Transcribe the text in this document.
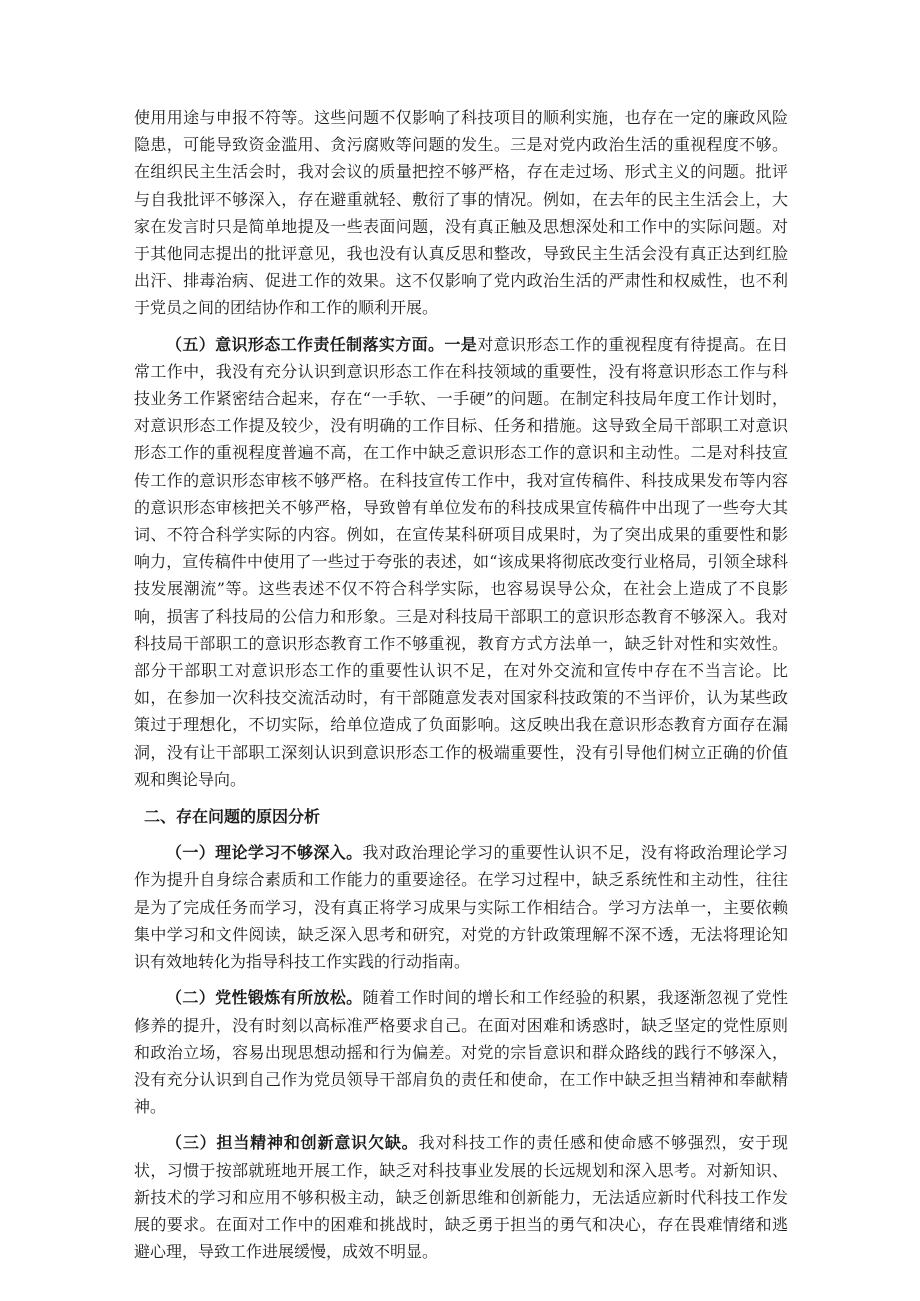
使用用途与申报不符等。这些问题不仅影响了科技项目的顺利实施，也存在一定的廉政风险隐患，可能导致资金滥用、贪污腐败等问题的发生。三是对党内政治生活的重视程度不够。在组织民主生活会时，我对会议的质量把控不够严格，存在走过场、形式主义的问题。批评与自我批评不够深入，存在避重就轻、敷衍了事的情况。例如，在去年的民主生活会上，大家在发言时只是简单地提及一些表面问题，没有真正触及思想深处和工作中的实际问题。对于其他同志提出的批评意见，我也没有认真反思和整改，导致民主生活会没有真正达到红脸出汗、排毒治病、促进工作的效果。这不仅影响了党内政治生活的严肃性和权威性，也不利于党员之间的团结协作和工作的顺利开展。

（五）意识形态工作责任制落实方面。一是对意识形态工作的重视程度有待提高。在日常工作中，我没有充分认识到意识形态工作在科技领域的重要性，没有将意识形态工作与科技业务工作紧密结合起来，存在“一手软、一手硬”的问题。在制定科技局年度工作计划时，对意识形态工作提及较少，没有明确的工作目标、任务和措施。这导致全局干部职工对意识形态工作的重视程度普遍不高，在工作中缺乏意识形态工作的意识和主动性。二是对科技宣传工作的意识形态审核不够严格。在科技宣传工作中，我对宣传稿件、科技成果发布等内容的意识形态审核把关不够严格，导致曾有单位发布的科技成果宣传稿件中出现了一些夸大其词、不符合科学实际的内容。例如，在宣传某科研项目成果时，为了突出成果的重要性和影响力，宣传稿件中使用了一些过于夸张的表述，如“该成果将彻底改变行业格局，引领全球科技发展潮流”等。这些表述不仅不符合科学实际，也容易误导公众，在社会上造成了不良影响，损害了科技局的公信力和形象。三是对科技局干部职工的意识形态教育不够深入。我对科技局干部职工的意识形态教育工作不够重视，教育方式方法单一，缺乏针对性和实效性。部分干部职工对意识形态工作的重要性认识不足，在对外交流和宣传中存在不当言论。比如，在参加一次科技交流活动时，有干部随意发表对国家科技政策的不当评价，认为某些政策过于理想化，不切实际，给单位造成了负面影响。这反映出我在意识形态教育方面存在漏洞，没有让干部职工深刻认识到意识形态工作的极端重要性，没有引导他们树立正确的价值观和舆论导向。

二、存在问题的原因分析

（一）理论学习不够深入。我对政治理论学习的重要性认识不足，没有将政治理论学习作为提升自身综合素质和工作能力的重要途径。在学习过程中，缺乏系统性和主动性，往往是为了完成任务而学习，没有真正将学习成果与实际工作相结合。学习方法单一，主要依赖集中学习和文件阅读，缺乏深入思考和研究，对党的方针政策理解不深不透，无法将理论知识有效地转化为指导科技工作实践的行动指南。

（二）党性锻炼有所放松。随着工作时间的增长和工作经验的积累，我逐渐忽视了党性修养的提升，没有时刻以高标准严格要求自己。在面对困难和诱惑时，缺乏坚定的党性原则和政治立场，容易出现思想动摇和行为偏差。对党的宗旨意识和群众路线的践行不够深入，没有充分认识到自己作为党员领导干部肩负的责任和使命，在工作中缺乏担当精神和奉献精神。

（三）担当精神和创新意识欠缺。我对科技工作的责任感和使命感不够强烈，安于现状，习惯于按部就班地开展工作，缺乏对科技事业发展的长远规划和深入思考。对新知识、新技术的学习和应用不够积极主动，缺乏创新思维和创新能力，无法适应新时代科技工作发展的要求。在面对工作中的困难和挑战时，缺乏勇于担当的勇气和决心，存在畏难情绪和逃避心理，导致工作进展缓慢，成效不明显。
